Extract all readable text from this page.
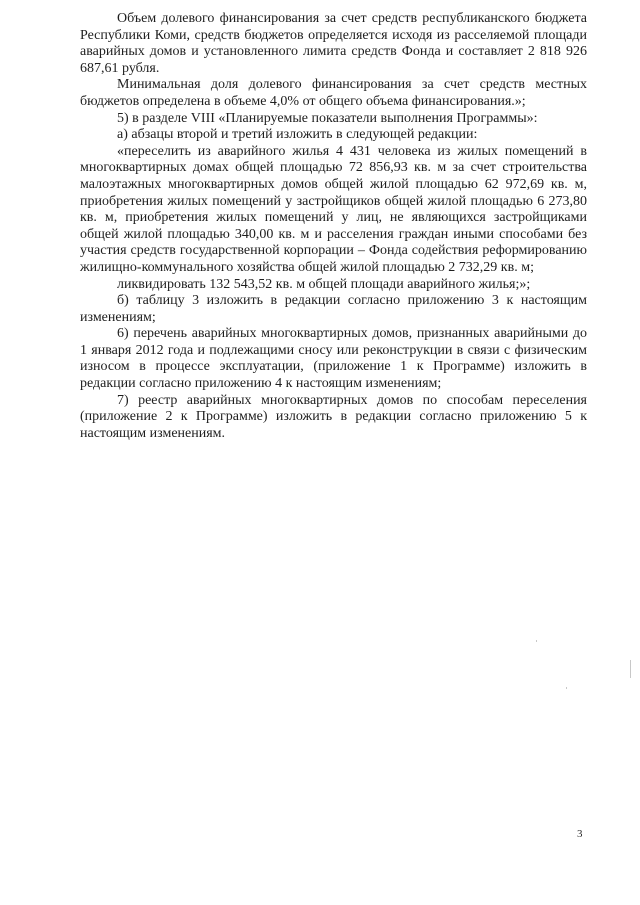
Объем долевого финансирования за счет средств республиканского бюджета Республики Коми, средств бюджетов определяется исходя из расселяемой площади аварийных домов и установленного лимита средств Фонда и составляет 2 818 926 687,61 рубля.

Минимальная доля долевого финансирования за счет средств местных бюджетов определена в объеме 4,0% от общего объема финансирования.»;

5) в разделе VIII «Планируемые показатели выполнения Программы»:

а) абзацы второй и третий изложить в следующей редакции:

«переселить из аварийного жилья 4 431 человека из жилых помещений в многоквартирных домах общей площадью 72 856,93 кв. м за счет строительства малоэтажных многоквартирных домов общей жилой площадью 62 972,69 кв. м, приобретения жилых помещений у застройщиков общей жилой площадью 6 273,80 кв. м, приобретения жилых помещений у лиц, не являющихся застройщиками общей жилой площадью 340,00 кв. м и расселения граждан иными способами без участия средств государственной корпорации – Фонда содействия реформированию жилищно-коммунального хозяйства общей жилой площадью 2 732,29 кв. м;

ликвидировать 132 543,52 кв. м общей площади аварийного жилья;»;

б) таблицу 3 изложить в редакции согласно приложению 3 к настоящим изменениям;

6) перечень аварийных многоквартирных домов, признанных аварийными до 1 января 2012 года и подлежащими сносу или реконструкции в связи с физическим износом в процессе эксплуатации, (приложение 1 к Программе) изложить в редакции согласно приложению 4 к настоящим изменениям;

7) реестр аварийных многоквартирных домов по способам переселения (приложение 2 к Программе) изложить в редакции согласно приложению 5 к настоящим изменениям.

3
